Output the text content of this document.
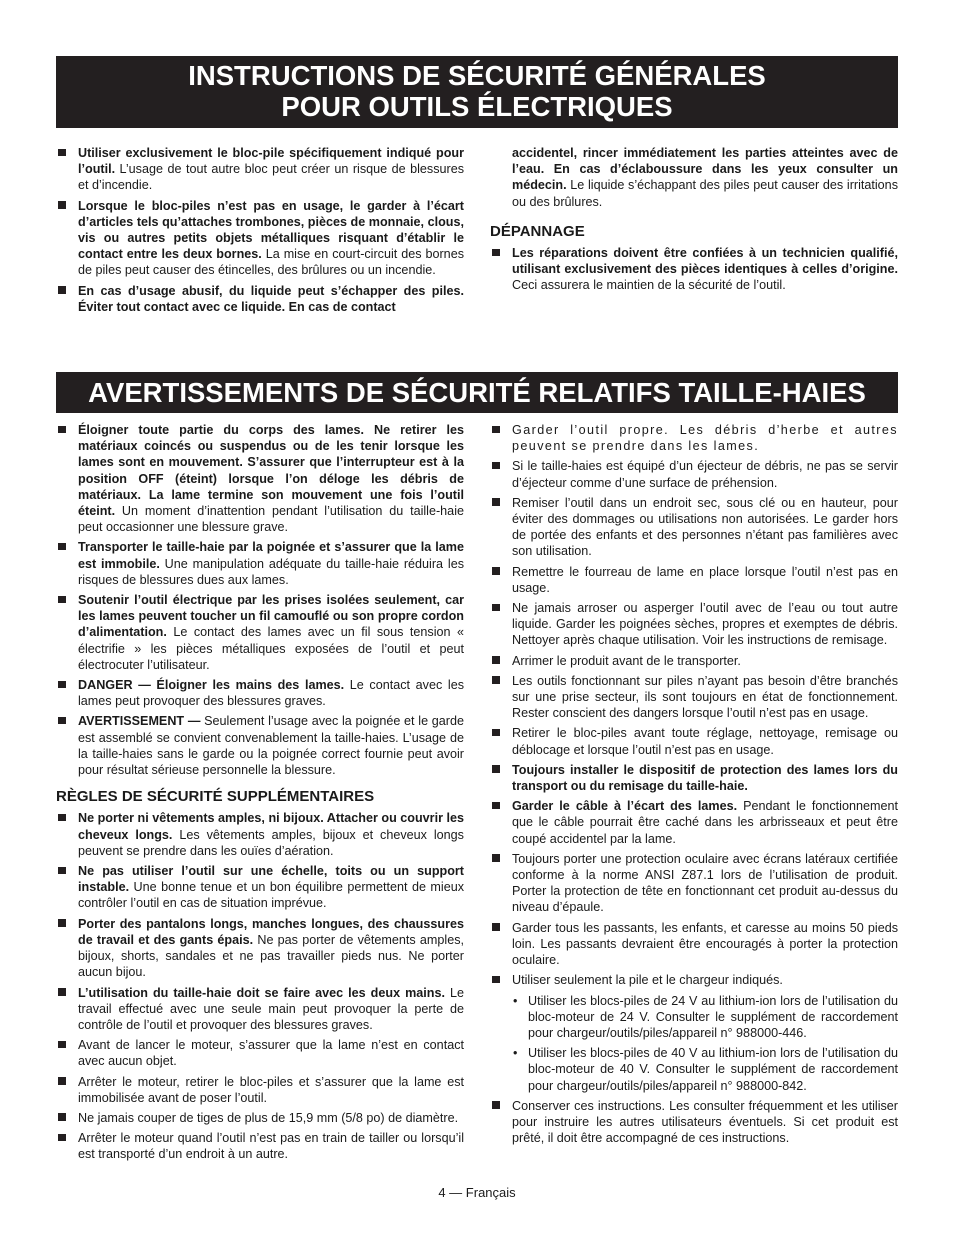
INSTRUCTIONS DE SÉCURITÉ GÉNÉRALES
POUR OUTILS ÉLECTRIQUES
Utiliser exclusivement le bloc-pile spécifiquement indiqué pour l’outil. L’usage de tout autre bloc peut créer un risque de blessures et d’incendie.
Lorsque le bloc-piles n’est pas en usage, le garder à l’écart d’articles tels qu’attaches trombones, pièces de monnaie, clous, vis ou autres petits objets métalliques risquant d’établir le contact entre les deux bornes. La mise en court-circuit des bornes de piles peut causer des étincelles, des brûlures ou un incendie.
En cas d’usage abusif, du liquide peut s’échapper des piles. Éviter tout contact avec ce liquide. En cas de contact
accidentel, rincer immédiatement les parties atteintes avec de l’eau. En cas d’éclaboussure dans les yeux consulter un médecin. Le liquide s’échappant des piles peut causer des irritations ou des brûlures.
DÉPANNAGE
Les réparations doivent être confiées à un technicien qualifié, utilisant exclusivement des pièces identiques à celles d’origine. Ceci assurera le maintien de la sécurité de l’outil.
AVERTISSEMENTS DE SÉCURITÉ RELATIFS TAILLE-HAIES
Éloigner toute partie du corps des lames. Ne retirer les matériaux coincés ou suspendus ou de les tenir lorsque les lames sont en mouvement. S’assurer que l’interrupteur est à la position OFF (éteint) lorsque l’on déloge les débris de matériaux. La lame termine son mouvement une fois l’outil éteint. Un moment d’inattention pendant l’utilisation du taille-haie peut occasionner une blessure grave.
Transporter le taille-haie par la poignée et s’assurer que la lame est immobile. Une manipulation adéquate du taille-haie réduira les risques de blessures dues aux lames.
Soutenir l’outil électrique par les prises isolées seulement, car les lames peuvent toucher un fil camouflé ou son propre cordon d’alimentation. Le contact des lames avec un fil sous tension « électrifie » les pièces métalliques exposées de l’outil et peut électrocuter l’utilisateur.
DANGER — Éloigner les mains des lames. Le contact avec les lames peut provoquer des blessures graves.
AVERTISSEMENT — Seulement l’usage avec la poignée et le garde est assemblé se convient convenablement la taille-haies. L’usage de la taille-haies sans le garde ou la poignée correct fournie peut avoir pour résultat sérieuse personnelle la blessure.
RÈGLES DE SÉCURITÉ SUPPLÉMENTAIRES
Ne porter ni vêtements amples, ni bijoux. Attacher ou couvrir les cheveux longs. Les vêtements amples, bijoux et cheveux longs peuvent se prendre dans les ouïes d’aération.
Ne pas utiliser l’outil sur une échelle, toits ou un support instable. Une bonne tenue et un bon équilibre permettent de mieux contrôler l’outil en cas de situation imprévue.
Porter des pantalons longs, manches longues, des chaussures de travail et des gants épais. Ne pas porter de vêtements amples, bijoux, shorts, sandales et ne pas travailler pieds nus. Ne porter aucun bijou.
L’utilisation du taille-haie doit se faire avec les deux mains. Le travail effectué avec une seule main peut provoquer la perte de contrôle de l’outil et provoquer des blessures graves.
Avant de lancer le moteur, s’assurer que la lame n’est en contact avec aucun objet.
Arrêter le moteur, retirer le bloc-piles et s’assurer que la lame est immobilisée avant de poser l’outil.
Ne jamais couper de tiges de plus de 15,9 mm (5/8 po) de diamètre.
Arrêter le moteur quand l’outil n’est pas en train de tailler ou lorsqu’il est transporté d’un endroit à un autre.
Garder l’outil propre. Les débris d’herbe et autres peuvent se prendre dans les lames.
Si le taille-haies est équipé d’un éjecteur de débris, ne pas se servir d’éjecteur comme d’une surface de préhension.
Remiser l’outil dans un endroit sec, sous clé ou en hauteur, pour éviter des dommages ou utilisations non autorisées. Le garder hors de portée des enfants et des personnes n’étant pas familières avec son utilisation.
Remettre le fourreau de lame en place lorsque l’outil n’est pas en usage.
Ne jamais arroser ou asperger l’outil avec de l’eau ou tout autre liquide. Garder les poignées sèches, propres et exemptes de débris. Nettoyer après chaque utilisation. Voir les instructions de remisage.
Arrimer le produit avant de le transporter.
Les outils fonctionnant sur piles n’ayant pas besoin d’être branchés sur une prise secteur, ils sont toujours en état de fonctionnement. Rester conscient des dangers lorsque l’outil n’est pas en usage.
Retirer le bloc-piles avant toute réglage, nettoyage, remisage ou déblocage et lorsque l’outil n’est pas en usage.
Toujours installer le dispositif de protection des lames lors du transport ou du remisage du taille-haie.
Garder le câble à l’écart des lames. Pendant le fonctionnement que le câble pourrait être caché dans les arbrisseaux et peut être coupé accidentel par la lame.
Toujours porter une protection oculaire avec écrans latéraux certifiée conforme à la norme ANSI Z87.1 lors de l’utilisation de produit. Porter la protection de tête en fonctionnant cet produit au-dessus du niveau d’épaule.
Garder tous les passants, les enfants, et caresse au moins 50 pieds loin. Les passants devraient être encouragés à porter la protection oculaire.
Utiliser seulement la pile et le chargeur indiqués.
• Utiliser les blocs-piles de 24 V au lithium-ion lors de l’utilisation du bloc-moteur de 24 V. Consulter le supplément de raccordement pour chargeur/outils/piles/appareil n° 988000-446.
• Utiliser les blocs-piles de 40 V au lithium-ion lors de l’utilisation du bloc-moteur de 40 V. Consulter le supplément de raccordement pour chargeur/outils/piles/appareil n° 988000-842.
Conserver ces instructions. Les consulter fréquemment et les utiliser pour instruire les autres utilisateurs éventuels. Si cet produit est prêté, il doit être accompagné de ces instructions.
4 — Français
